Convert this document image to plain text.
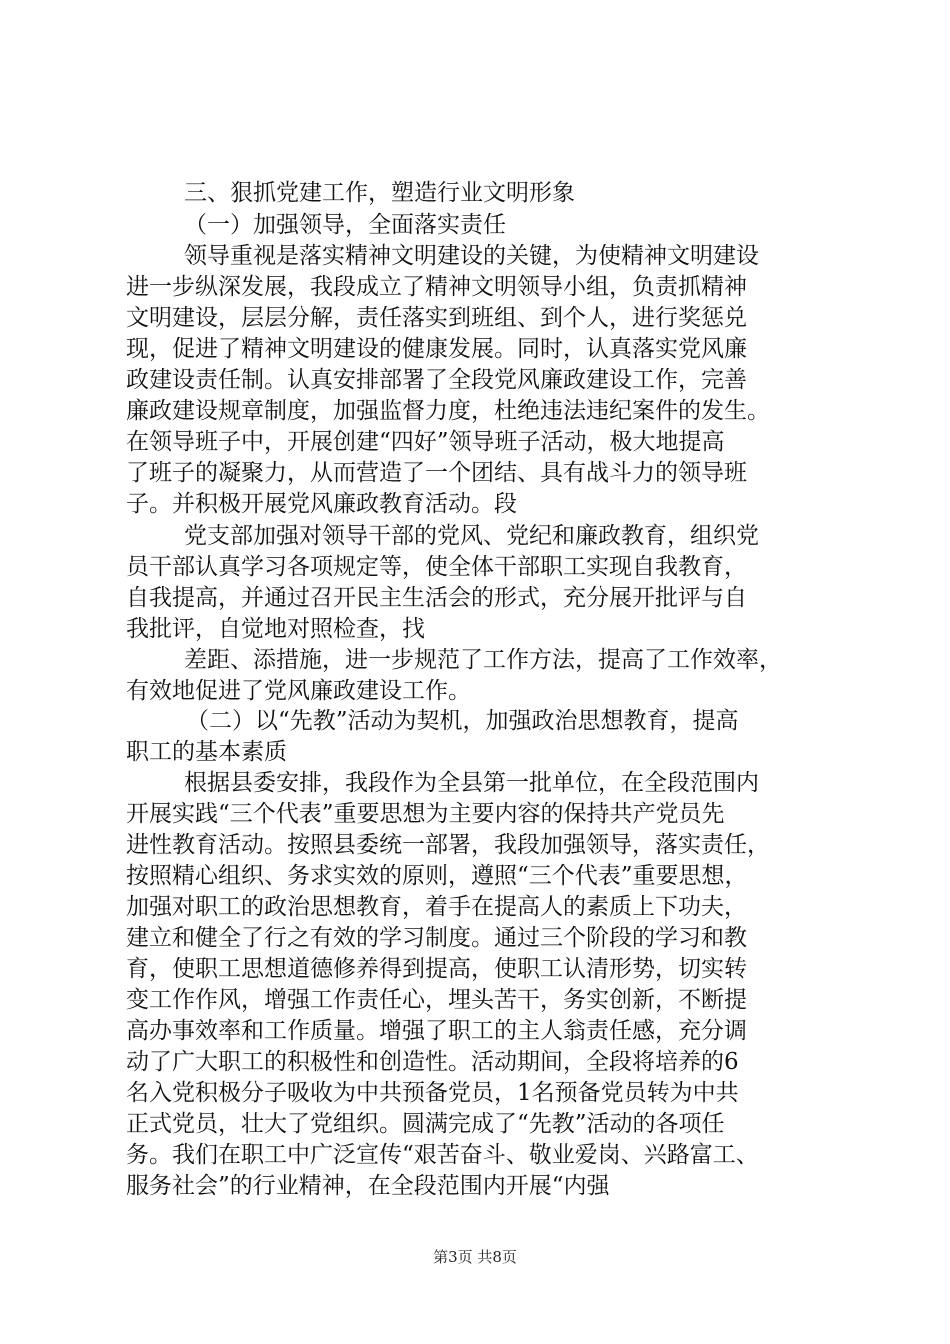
三、狠抓党建工作，塑造行业文明形象
（一）加强领导，全面落实责任
领导重视是落实精神文明建设的关键，为使精神文明建设
进一步纵深发展，我段成立了精神文明领导小组，负责抓精神
文明建设，层层分解，责任落实到班组、到个人，进行奖惩兑
现，促进了精神文明建设的健康发展。同时，认真落实党风廉
政建设责任制。认真安排部署了全段党风廉政建设工作，完善
廉政建设规章制度，加强监督力度，杜绝违法违纪案件的发生。
在领导班子中，开展创建“四好”领导班子活动，极大地提高
了班子的凝聚力，从而营造了一个团结、具有战斗力的领导班
子。并积极开展党风廉政教育活动。段
党支部加强对领导干部的党风、党纪和廉政教育，组织党
员干部认真学习各项规定等，使全体干部职工实现自我教育，
自我提高，并通过召开民主生活会的形式，充分展开批评与自
我批评，自觉地对照检查，找
差距、添措施，进一步规范了工作方法，提高了工作效率，
有效地促进了党风廉政建设工作。
（二）以“先教”活动为契机，加强政治思想教育，提高
职工的基本素质
根据县委安排，我段作为全县第一批单位，在全段范围内
开展实践“三个代表”重要思想为主要内容的保持共产党员先
进性教育活动。按照县委统一部署，我段加强领导，落实责任，
按照精心组织、务求实效的原则，遵照“三个代表”重要思想，
加强对职工的政治思想教育，着手在提高人的素质上下功夫，
建立和健全了行之有效的学习制度。通过三个阶段的学习和教
育，使职工思想道德修养得到提高，使职工认清形势，切实转
变工作作风，增强工作责任心，埋头苦干，务实创新，不断提
高办事效率和工作质量。增强了职工的主人翁责任感，充分调
动了广大职工的积极性和创造性。活动期间，全段将培养的6
名入党积极分子吸收为中共预备党员，1名预备党员转为中共
正式党员，壮大了党组织。圆满完成了“先教”活动的各项任
务。我们在职工中广泛宣传“艰苦奋斗、敬业爱岗、兴路富工、
服务社会”的行业精神，在全段范围内开展“内强
第3页 共8页
